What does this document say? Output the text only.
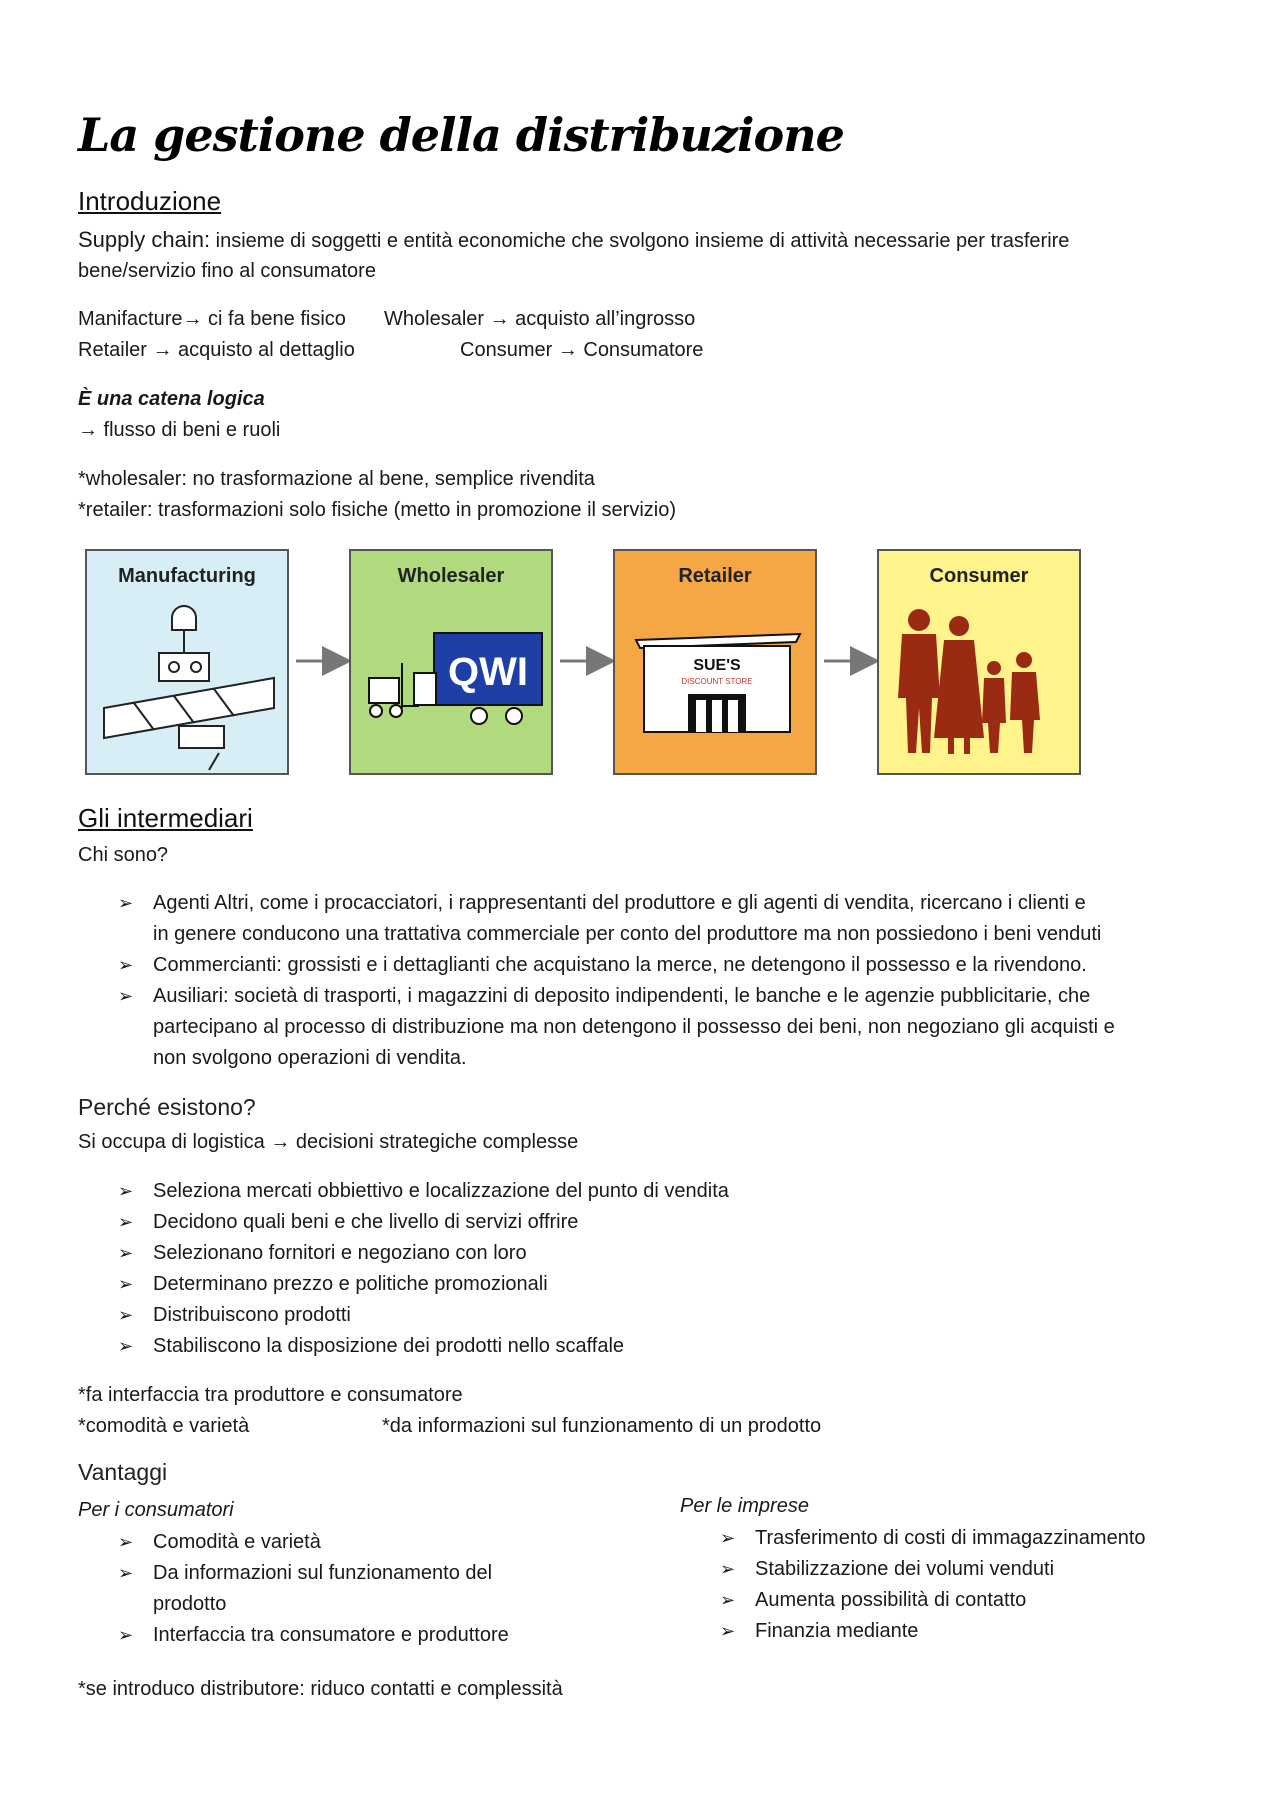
La gestione della distribuzione
Introduzione
Supply chain: insieme di soggetti e entità economiche che svolgono insieme di attività necessarie per trasferire
bene/servizio fino al consumatore
Manifacture→ ci fa bene fisico Wholesaler → acquisto all’ingrosso
Retailer → acquisto al dettaglio	Consumer → Consumatore
È una catena logica
→ flusso di beni e ruoli
*wholesaler: no trasformazione al bene, semplice rivendita
*retailer: trasformazioni solo fisiche (metto in promozione il servizio)
Manufacturing	Wholesaler
QWI
Retailer
SUE'S
DISCOUNT STORE
Consumer
Gli intermediari
Chi sono?
➢ Agenti Altri, come i procacciatori, i rappresentanti del produttore e gli agenti di vendita, ricercano i clienti e
in genere conducono una trattativa commerciale per conto del produttore ma non possiedono i beni venduti
➢ Commercianti: grossisti e i dettaglianti che acquistano la merce, ne detengono il possesso e la rivendono.
➢ Ausiliari: società di trasporti, i magazzini di deposito indipendenti, le banche e le agenzie pubblicitarie, che
partecipano al processo di distribuzione ma non detengono il possesso dei beni, non negoziano gli acquisti e
non svolgono operazioni di vendita.
Perché esistono?
Si occupa di logistica → decisioni strategiche complesse
➢ Seleziona mercati obbiettivo e localizzazione del punto di vendita
➢ Decidono quali beni e che livello di servizi offrire
➢ Selezionano fornitori e negoziano con loro
➢ Determinano prezzo e politiche promozionali
➢ Distribuiscono prodotti
➢ Stabiliscono la disposizione dei prodotti nello scaffale
*fa interfaccia tra produttore e consumatore
*comodità e varietà	*da informazioni sul funzionamento di un prodotto
Vantaggi
Per i consumatori
➢ Comodità e varietà
➢ Da informazioni sul funzionamento del
prodotto
➢ Interfaccia tra consumatore e produttore
Per le imprese
➢ Trasferimento di costi di immagazzinamento
➢ Stabilizzazione dei volumi venduti
➢ Aumenta possibilità di contatto
➢ Finanzia mediante
*se introduco distributore: riduco contatti e complessità
